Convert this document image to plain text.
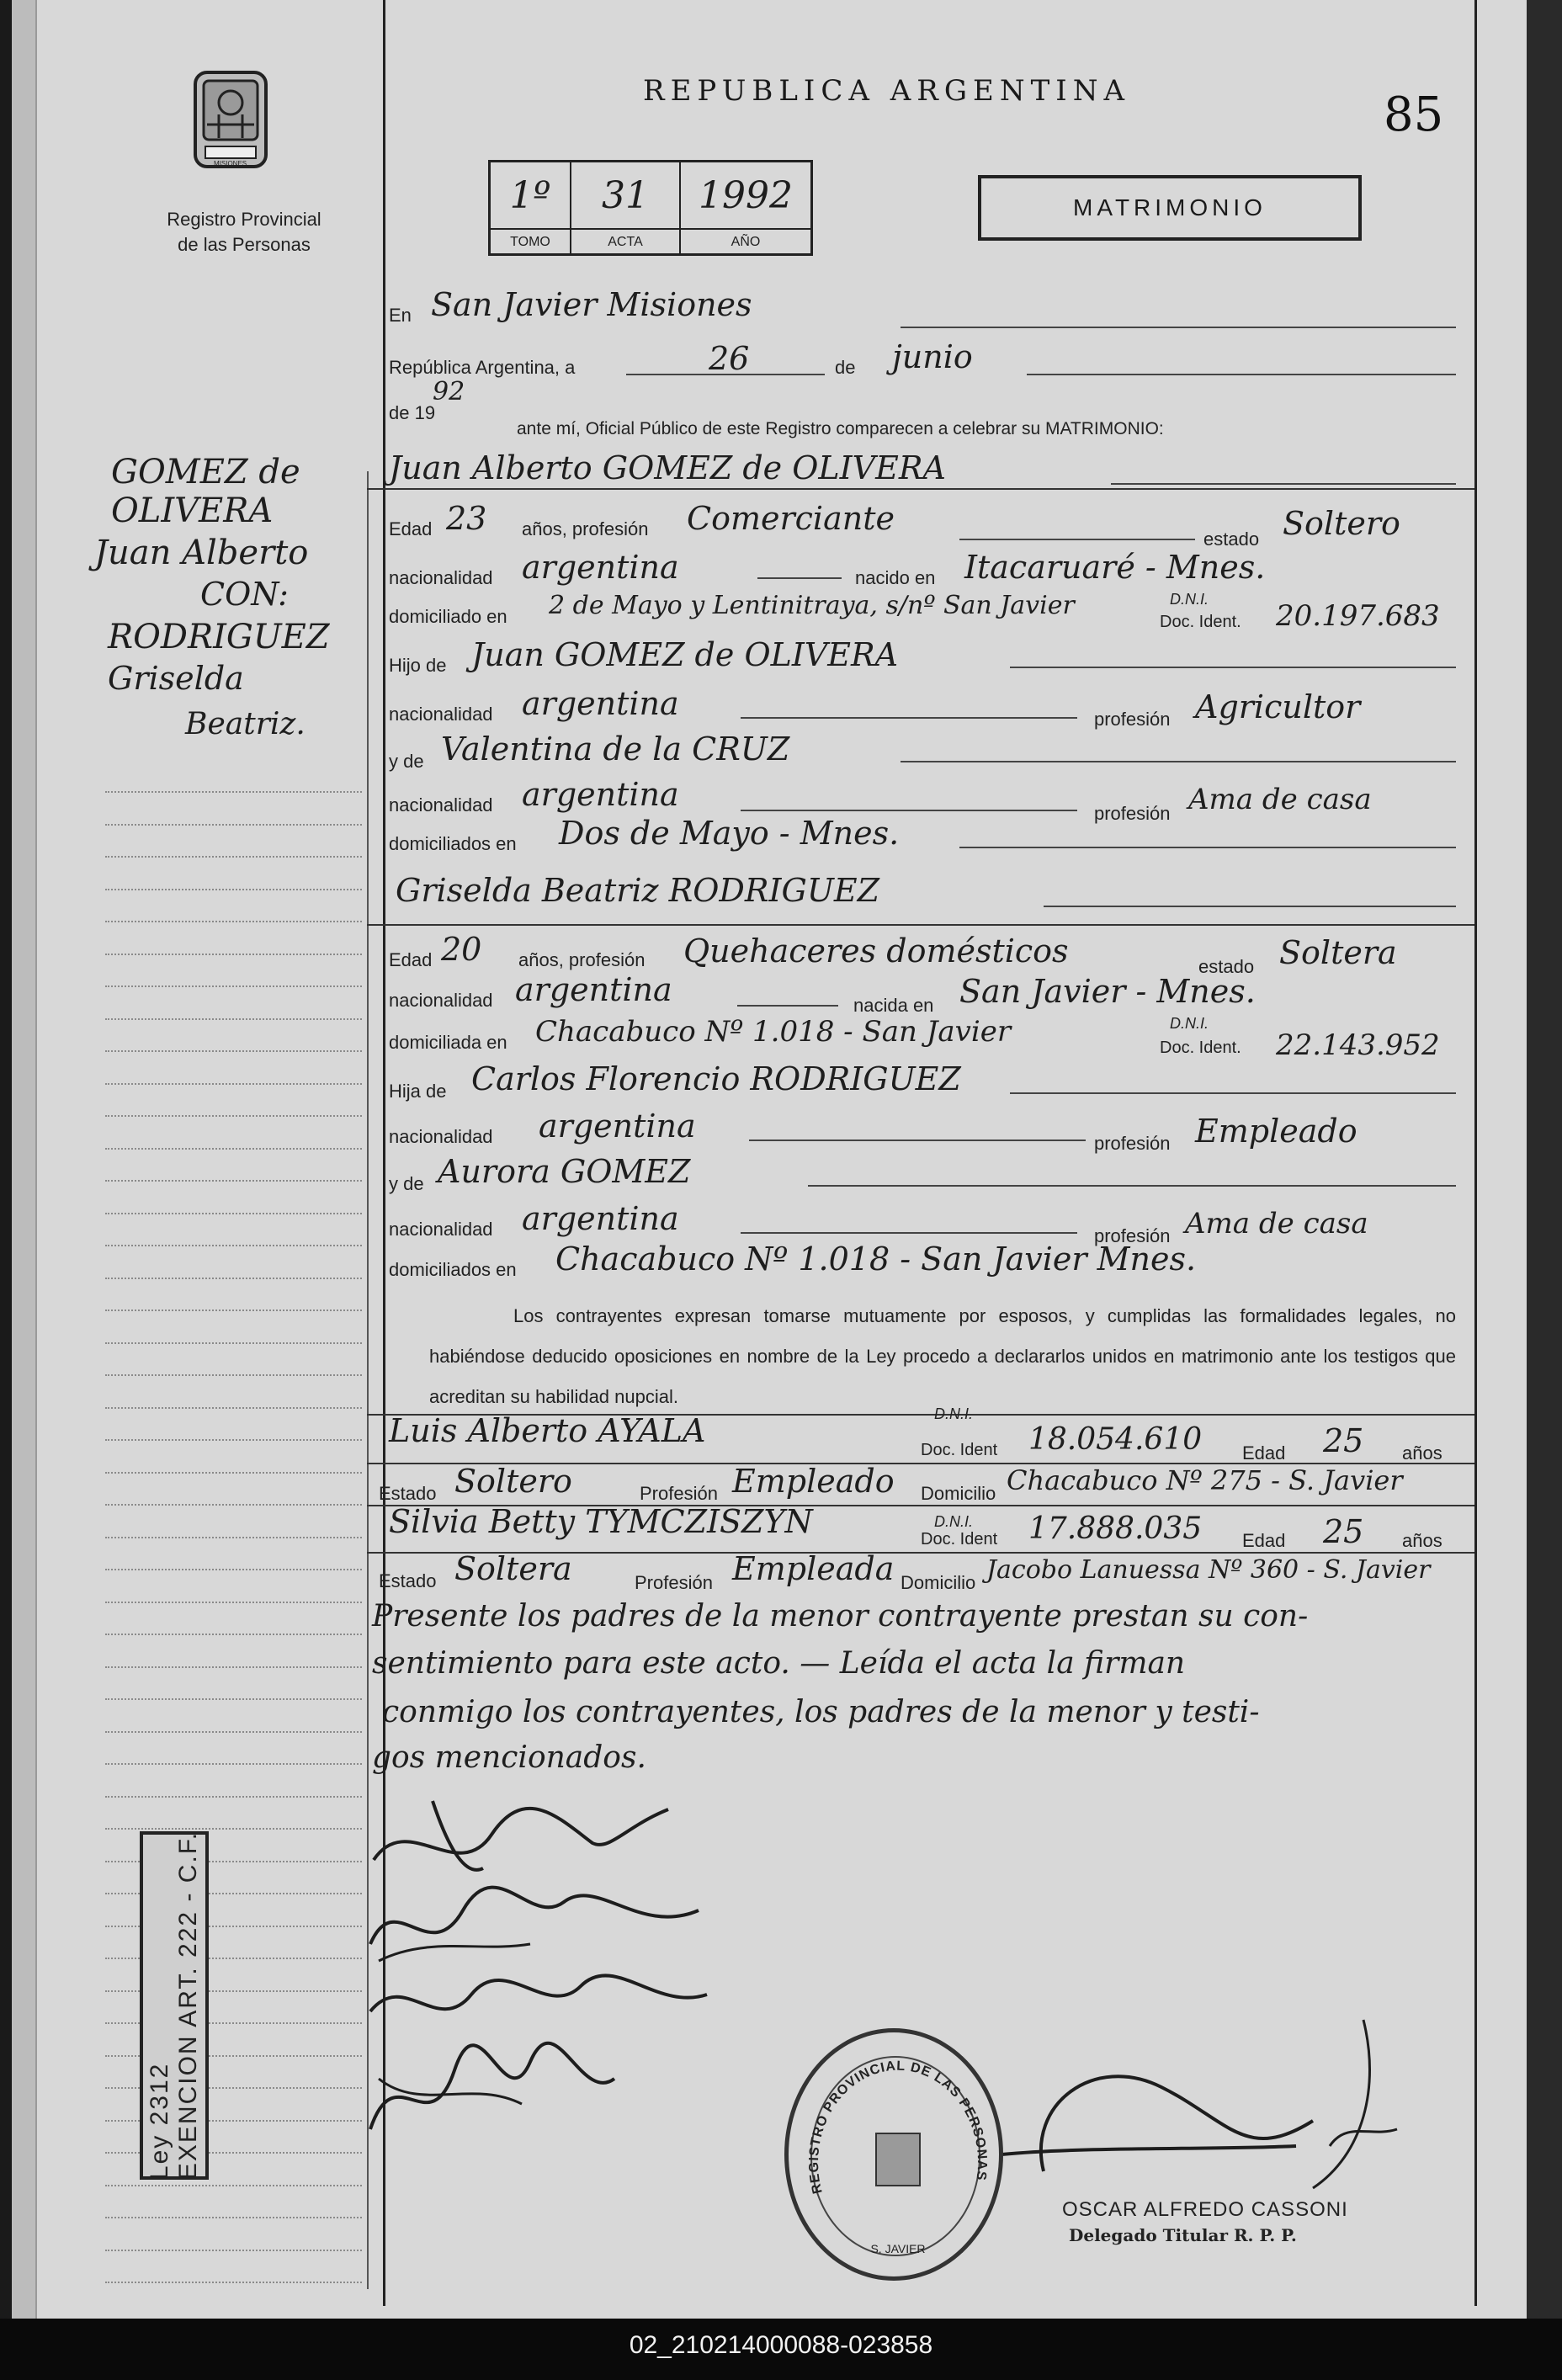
02_210214000088-023858
MISIONES
Registro Provincial
de las Personas
REPUBLICA ARGENTINA	85
MATRIMONIO
1º
TOMO
31
ACTA
1992
AÑO
GOMEZ de
OLIVERA
Juan Alberto
CON:
RODRIGUEZ
Griselda
Beatriz.
En San Javier Misiones
República Argentina, a	26	de junio
de 19
92
ante mí, Oficial Público de este Registro comparecen a celebrar su MATRIMONIO:
Juan Alberto GOMEZ de OLIVERA
Edad 23 años, profesión Comerciante
estado Soltero
nacionalidad argentina	nacido en Itacaruaré - Mnes.
domiciliado en 2 de Mayo y Lentinitraya, s/nº San Javier	D.N.I.
Doc. Ident. 20.197.683
Hijo de Juan GOMEZ de OLIVERA
nacionalidad argentina	profesión Agricultor
y de Valentina de la CRUZ
nacionalidad argentina
profesión Ama de casa
domiciliados en Dos de Mayo - Mnes.
Griselda Beatriz RODRIGUEZ
Edad 20 años, profesión Quehaceres domésticos	estado Soltera
nacionalidad argentina	nacida en San Javier - Mnes.
domiciliada en Chacabuco Nº 1.018 - San Javier	D.N.I.
Doc. Ident. 22.143.952
Hija de Carlos Florencio RODRIGUEZ
nacionalidad argentina	profesión Empleado
y de Aurora GOMEZ
nacionalidad argentina	profesión Ama de casa
domiciliados en Chacabuco Nº 1.018 - San Javier Mnes.
Los contrayentes expresan tomarse mutuamente por esposos, y cumplidas las formalidades legales, no habiéndose deducido oposiciones en nombre de la Ley procedo a declararlos unidos en matrimonio ante los testigos que acreditan su habilidad nupcial.
Luis Alberto AYALA	D.N.I.
Doc. Ident 18.054.610 Edad 25 años
Estado Soltero	Profesión Empleado Domicilio Chacabuco Nº 275 - S. Javier
Silvia Betty TYMCZISZYN	D.N.I.
Doc. Ident 17.888.035 Edad 25 años
Estado Soltera	Profesión Empleada Domicilio Jacobo Lanuessa Nº 360 - S. Javier
Presente los padres de la menor contrayente prestan su con-
sentimiento para este acto. — Leída el acta la firman
conmigo los contrayentes, los padres de la menor y testi-
gos mencionados.
Ley 2312
EXENCION ART. 222 - C.F.
REGISTRO PROVINCIAL DE LAS PERSONAS
S. JAVIER
OSCAR ALFREDO CASSONI
Delegado Titular R. P. P.
